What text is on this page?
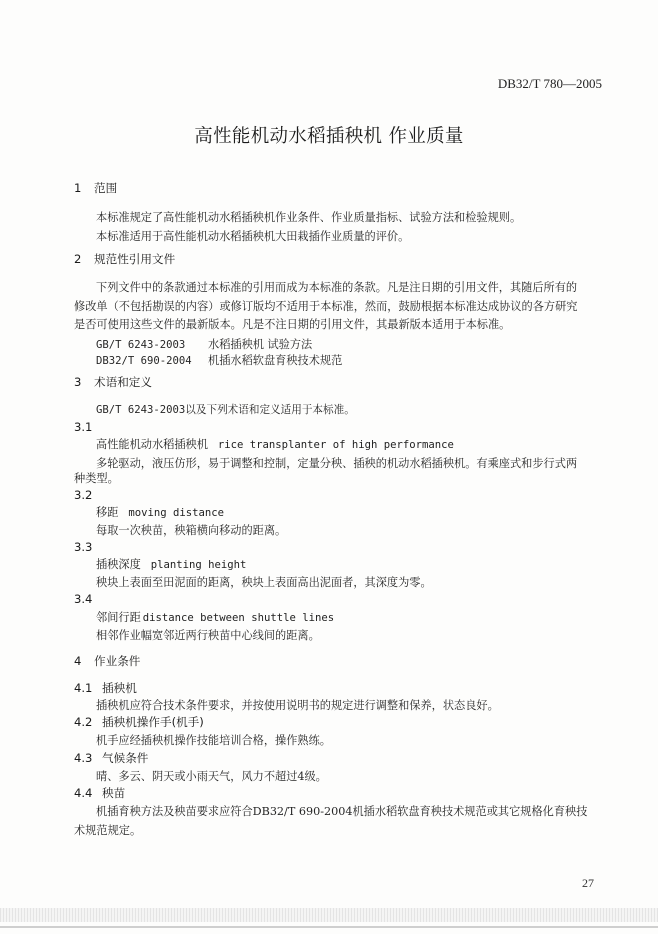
DB32/T 780—2005
高性能机动水稻插秧机 作业质量
1 范围
本标准规定了高性能机动水稻插秧机作业条件、作业质量指标、试验方法和检验规则。
本标准适用于高性能机动水稻插秧机大田栽插作业质量的评价。
2 规范性引用文件
下列文件中的条款通过本标准的引用而成为本标准的条款。凡是注日期的引用文件，其随后所有的
修改单（不包括勘误的内容）或修订版均不适用于本标准，然而，鼓励根据本标准达成协议的各方研究
是否可使用这些文件的最新版本。凡是不注日期的引用文件，其最新版本适用于本标准。
GB/T 6243-2003 水稻插秧机 试验方法
DB32/T 690-2004 机插水稻软盘育秧技术规范
3 术语和定义
GB/T 6243-2003以及下列术语和定义适用于本标准。
3.1
高性能机动水稻插秧机 rice transplanter of high performance
多轮驱动，液压仿形，易于调整和控制，定量分秧、插秧的机动水稻插秧机。有乘座式和步行式两
种类型。
3.2
移距 moving distance
每取一次秧苗，秧箱横向移动的距离。
3.3
插秧深度 planting height
秧块上表面至田泥面的距离，秧块上表面高出泥面者，其深度为零。
3.4
邻间行距 distance between shuttle lines
相邻作业幅宽邻近两行秧苗中心线间的距离。
4 作业条件
4.1 插秧机
插秧机应符合技术条件要求，并按使用说明书的规定进行调整和保养，状态良好。
4.2 插秧机操作手(机手)
机手应经插秧机操作技能培训合格，操作熟练。
4.3 气候条件
晴、多云、阴天或小雨天气，风力不超过4级。
4.4 秧苗
机插育秧方法及秧苗要求应符合DB32/T 690-2004机插水稻软盘育秧技术规范或其它规格化育秧技
术规范规定。
27
